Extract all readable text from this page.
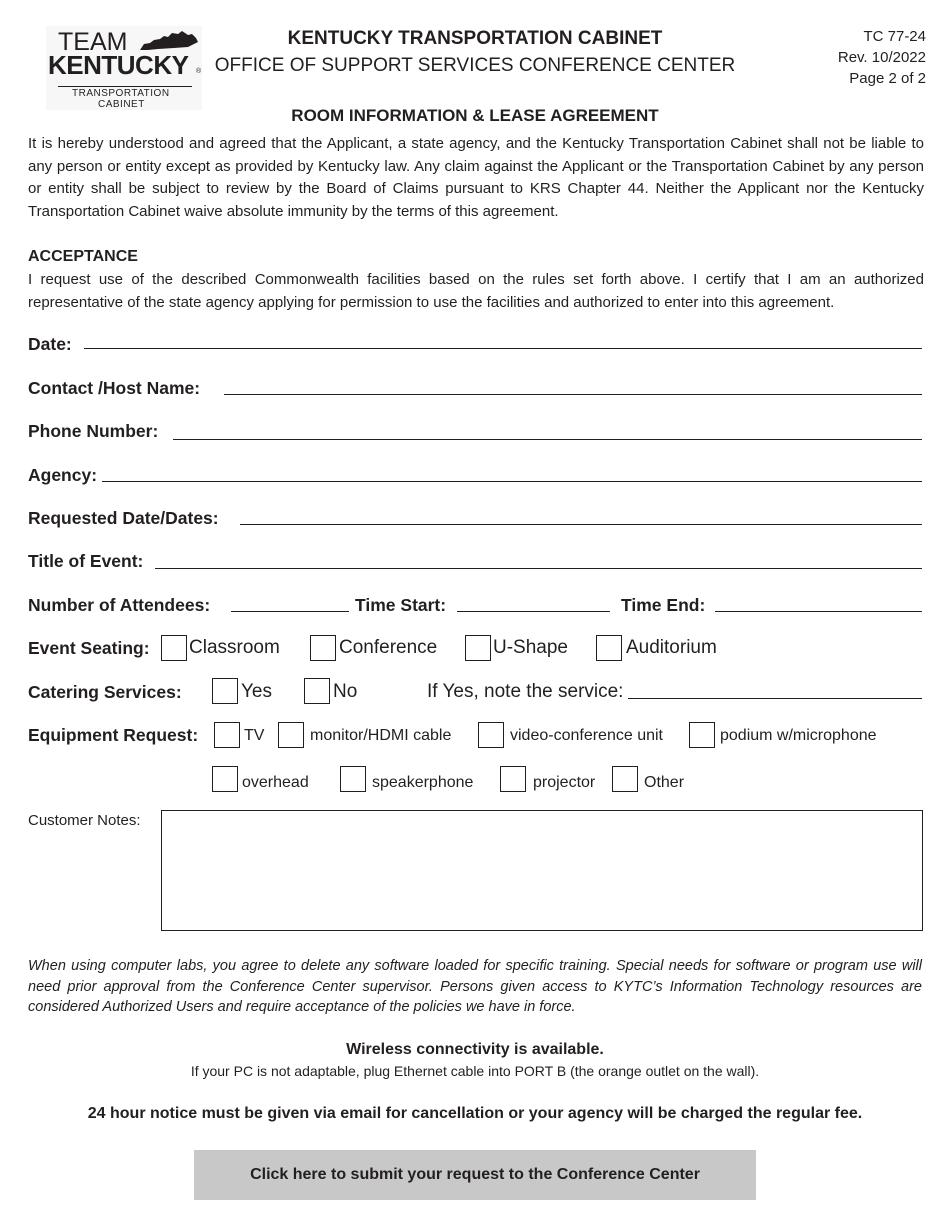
TEAM
KENTUCKY ®
TRANSPORTATION
CABINET
KENTUCKY TRANSPORTATION CABINET
OFFICE OF SUPPORT SERVICES CONFERENCE CENTER
TC 77-24
Rev. 10/2022
Page 2 of 2
ROOM INFORMATION & LEASE AGREEMENT
It is hereby understood and agreed that the Applicant, a state agency, and the Kentucky Transportation Cabinet shall not be liable to any person or entity except as provided by Kentucky law. Any claim against the Applicant or the Transportation Cabinet by any person or entity shall be subject to review by the Board of Claims pursuant to KRS Chapter 44. Neither the Applicant nor the Kentucky Transportation Cabinet waive absolute immunity by the terms of this agreement.
ACCEPTANCE
I request use of the described Commonwealth facilities based on the rules set forth above. I certify that I am an authorized representative of the state agency applying for permission to use the facilities and authorized to enter into this agreement.
Date:
Contact /Host Name:
Phone Number:
Agency:
Requested Date/Dates:
Title of Event:
Number of Attendees:	Time Start:	Time End:
Event Seating: Classroom	Conference	U-Shape	Auditorium
Catering Services:	Yes	No	If Yes, note the service:
Equipment Request:	TV	monitor/HDMI cable	video-conference unit	podium w/microphone
overhead	speakerphone	projector	Other
Customer Notes:
When using computer labs, you agree to delete any software loaded for specific training. Special needs for software or program use will need prior approval from the Conference Center supervisor. Persons given access to KYTC’s Information Technology resources are considered Authorized Users and require acceptance of the policies we have in force.
Wireless connectivity is available.
If your PC is not adaptable, plug Ethernet cable into PORT B (the orange outlet on the wall).
24 hour notice must be given via email for cancellation or your agency will be charged the regular fee.
Click here to submit your request to the Conference Center
